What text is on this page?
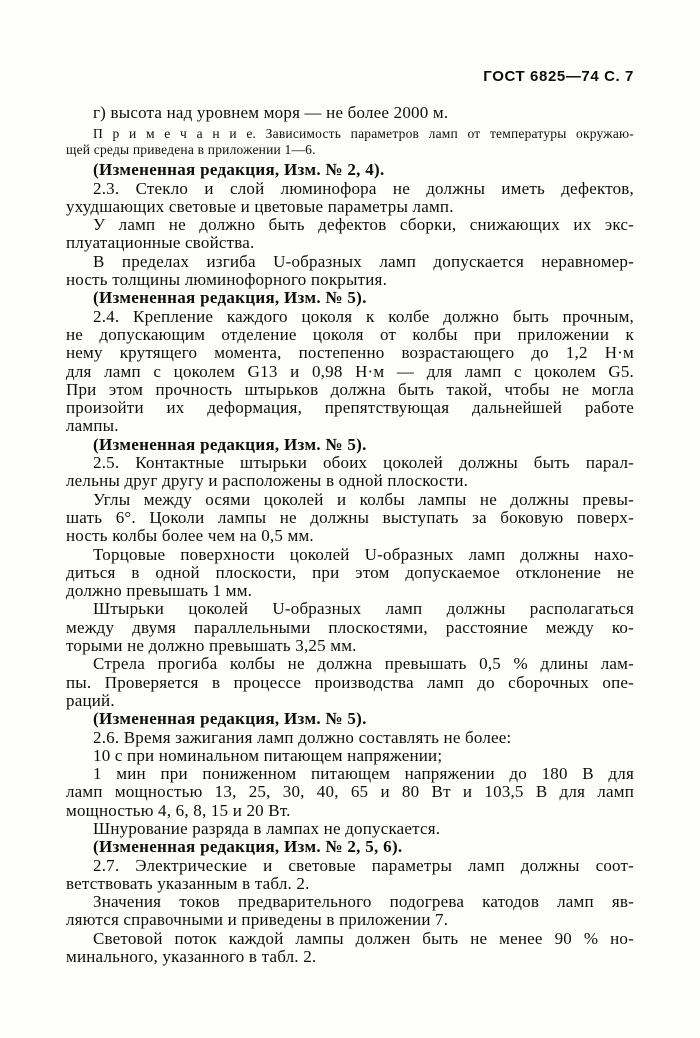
ГОСТ 6825—74 С. 7
г) высота над уровнем моря — не более 2000 м.
П р и м е ч а н и е. Зависимость параметров ламп от температуры окружаю-
щей среды приведена в приложении 1—6.
(Измененная редакция, Изм. № 2, 4).
2.3. Стекло и слой люминофора не должны иметь дефектов,
ухудшающих световые и цветовые параметры ламп.
У ламп не должно быть дефектов сборки, снижающих их экс-
плуатационные свойства.
В пределах изгиба U-образных ламп допускается неравномер-
ность толщины люминофорного покрытия.
(Измененная редакция, Изм. № 5).
2.4. Крепление каждого цоколя к колбе должно быть прочным,
не допускающим отделение цоколя от колбы при приложении к
нему крутящего момента, постепенно возрастающего до 1,2 Н·м
для ламп с цоколем G13 и 0,98 Н·м — для ламп с цоколем G5.
При этом прочность штырьков должна быть такой, чтобы не могла
произойти их деформация, препятствующая дальнейшей работе
лампы.
(Измененная редакция, Изм. № 5).
2.5. Контактные штырьки обоих цоколей должны быть парал-
лельны друг другу и расположены в одной плоскости.
Углы между осями цоколей и колбы лампы не должны превы-
шать 6°. Цоколи лампы не должны выступать за боковую поверх-
ность колбы более чем на 0,5 мм.
Торцовые поверхности цоколей U-образных ламп должны нахо-
диться в одной плоскости, при этом допускаемое отклонение не
должно превышать 1 мм.
Штырьки цоколей U-образных ламп должны располагаться
между двумя параллельными плоскостями, расстояние между ко-
торыми не должно превышать 3,25 мм.
Стрела прогиба колбы не должна превышать 0,5 % длины лам-
пы. Проверяется в процессе производства ламп до сборочных опе-
раций.
(Измененная редакция, Изм. № 5).
2.6. Время зажигания ламп должно составлять не более:
10 с при номинальном питающем напряжении;
1 мин при пониженном питающем напряжении до 180 В для
ламп мощностью 13, 25, 30, 40, 65 и 80 Вт и 103,5 В для ламп
мощностью 4, 6, 8, 15 и 20 Вт.
Шнурование разряда в лампах не допускается.
(Измененная редакция, Изм. № 2, 5, 6).
2.7. Электрические и световые параметры ламп должны соот-
ветствовать указанным в табл. 2.
Значения токов предварительного подогрева катодов ламп яв-
ляются справочными и приведены в приложении 7.
Световой поток каждой лампы должен быть не менее 90 % но-
минального, указанного в табл. 2.
